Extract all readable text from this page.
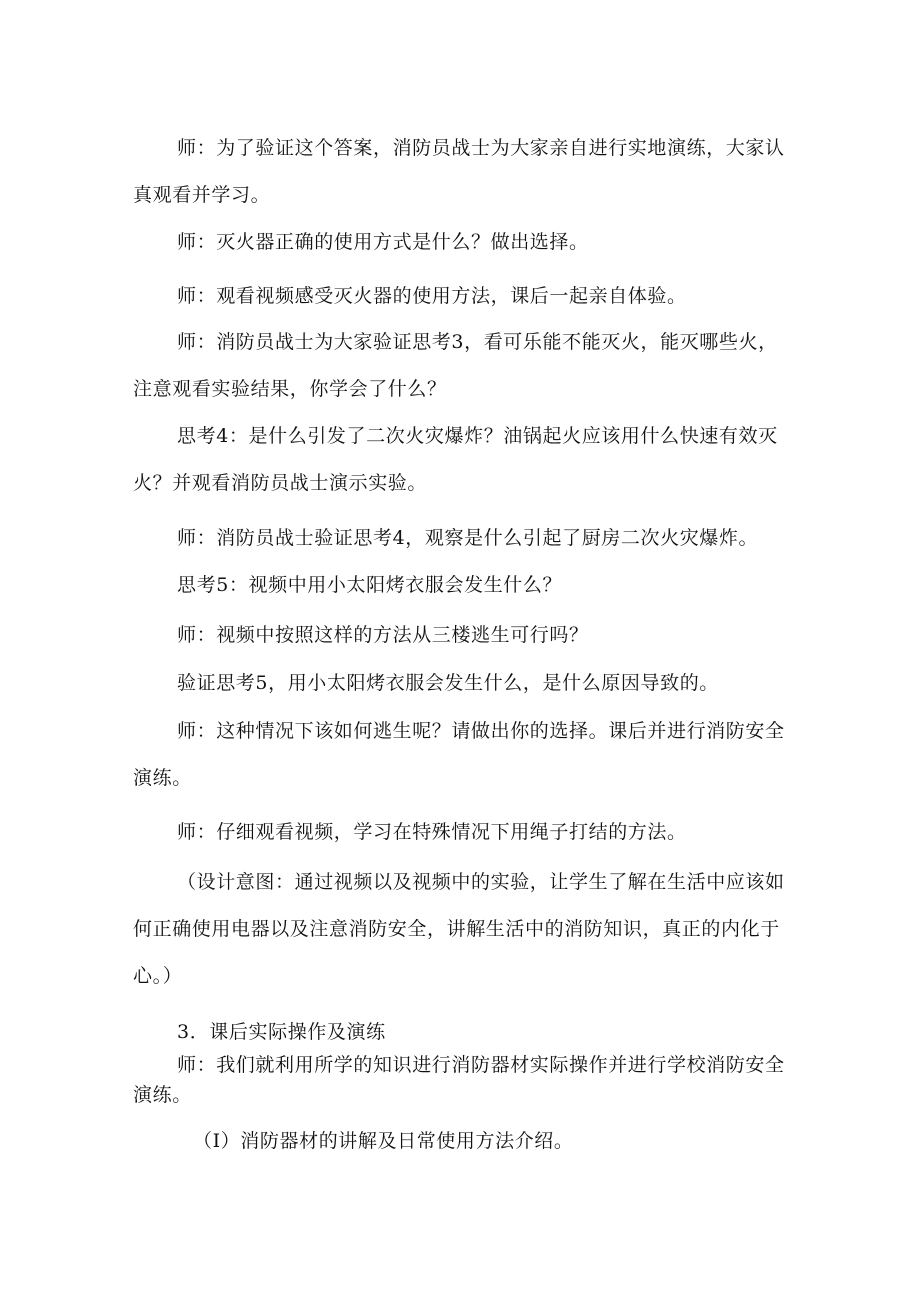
师：为了验证这个答案，消防员战士为大家亲自进行实地演练，大家认真观看并学习。

师：灭火器正确的使用方式是什么？做出选择。

师：观看视频感受灭火器的使用方法，课后一起亲自体验。

师：消防员战士为大家验证思考3，看可乐能不能灭火，能灭哪些火，注意观看实验结果，你学会了什么？

思考4：是什么引发了二次火灾爆炸？油锅起火应该用什么快速有效灭火？并观看消防员战士演示实验。

师：消防员战士验证思考4，观察是什么引起了厨房二次火灾爆炸。

思考5：视频中用小太阳烤衣服会发生什么？

师：视频中按照这样的方法从三楼逃生可行吗？

验证思考5，用小太阳烤衣服会发生什么，是什么原因导致的。

师：这种情况下该如何逃生呢？请做出你的选择。课后并进行消防安全演练。

师：仔细观看视频，学习在特殊情况下用绳子打结的方法。

（设计意图：通过视频以及视频中的实验，让学生了解在生活中应该如何正确使用电器以及注意消防安全，讲解生活中的消防知识，真正的内化于心。）

3．课后实际操作及演练

师：我们就利用所学的知识进行消防器材实际操作并进行学校消防安全演练。

（I）消防器材的讲解及日常使用方法介绍。
